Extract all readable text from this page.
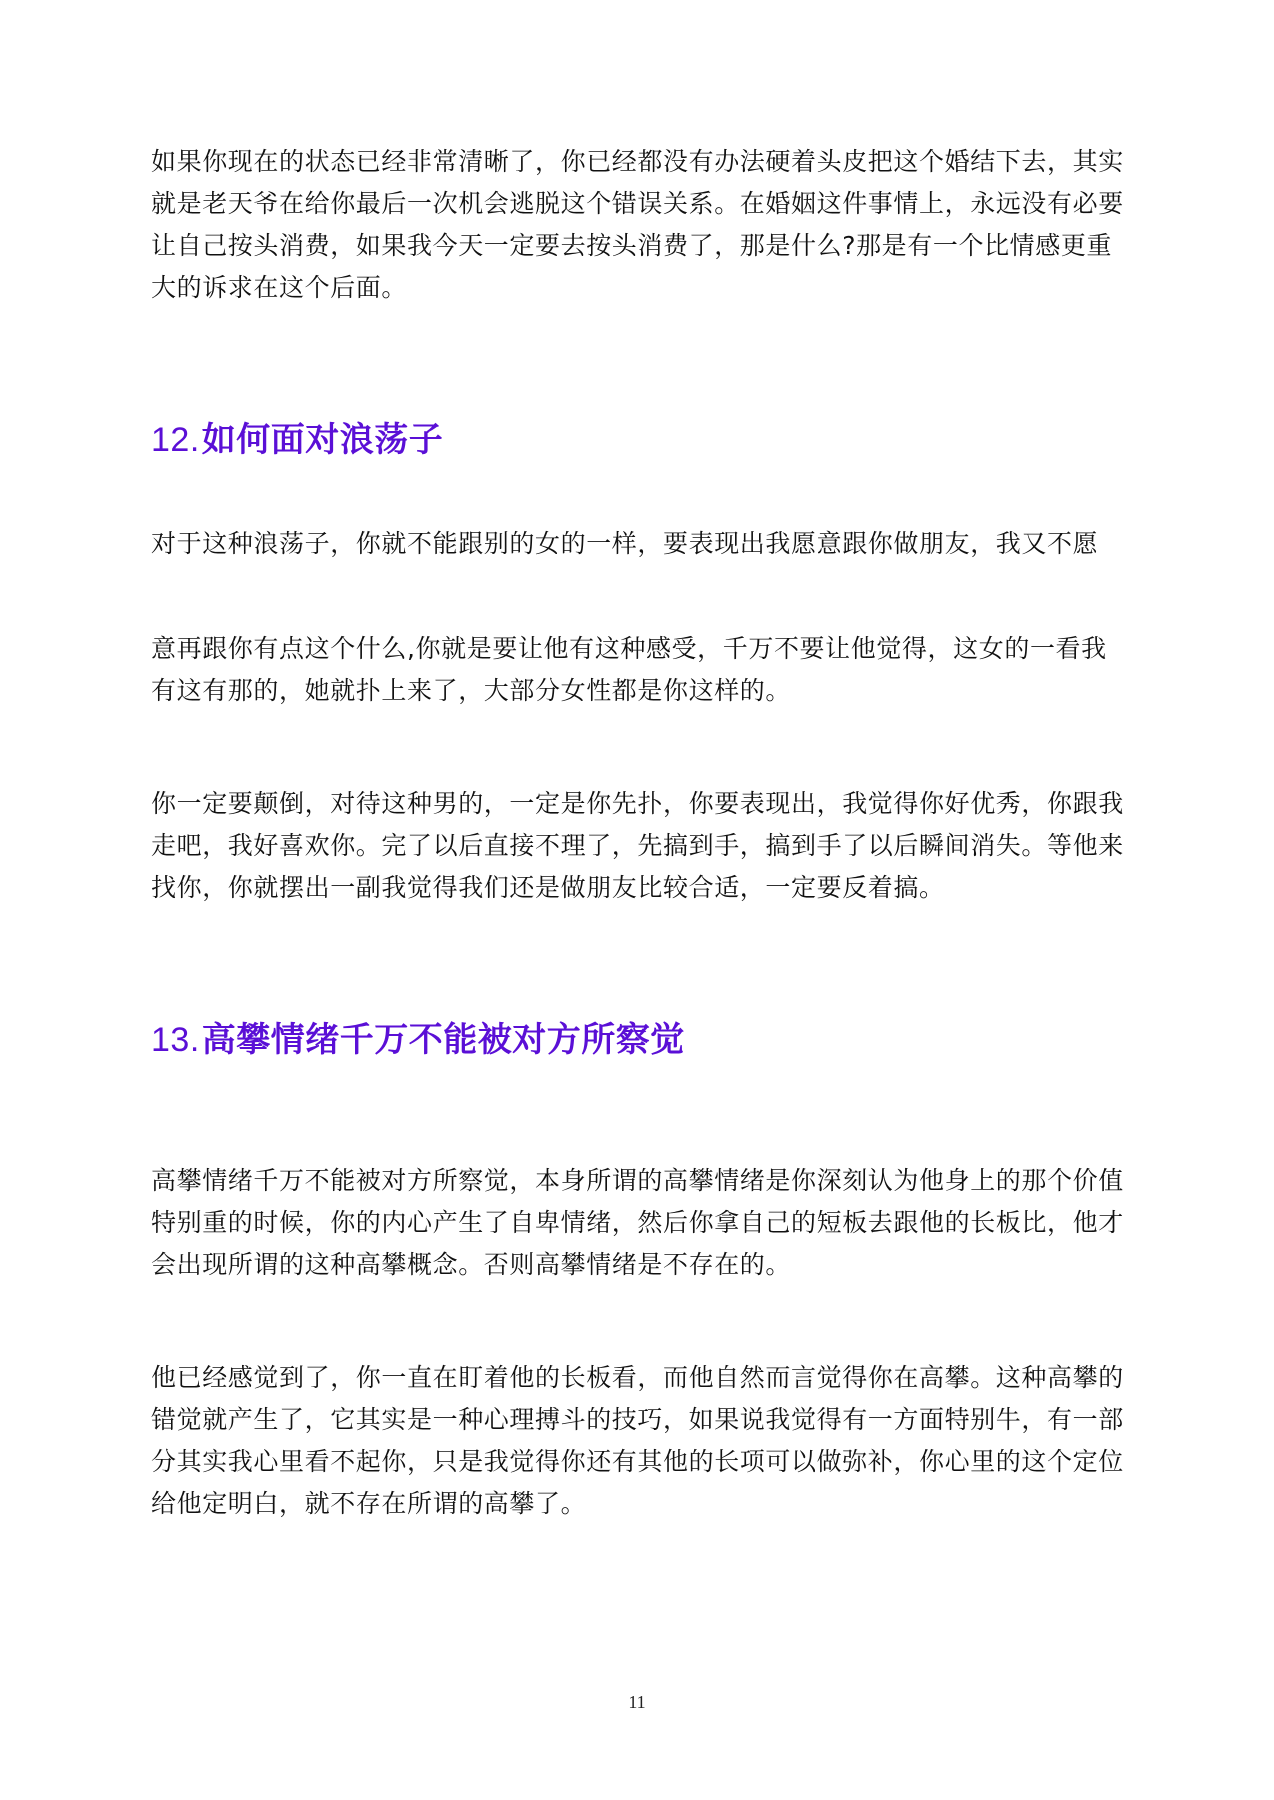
如果你现在的状态已经非常清晰了，你已经都没有办法硬着头皮把这个婚结下去，其实就是老天爷在给你最后一次机会逃脱这个错误关系。在婚姻这件事情上，永远没有必要让自己按头消费，如果我今天一定要去按头消费了，那是什么?那是有一个比情感更重大的诉求在这个后面。

12.如何面对浪荡子

对于这种浪荡子，你就不能跟别的女的一样，要表现出我愿意跟你做朋友，我又不愿

意再跟你有点这个什么,你就是要让他有这种感受，千万不要让他觉得，这女的一看我有这有那的，她就扑上来了，大部分女性都是你这样的。

你一定要颠倒，对待这种男的，一定是你先扑，你要表现出，我觉得你好优秀，你跟我走吧，我好喜欢你。完了以后直接不理了，先搞到手，搞到手了以后瞬间消失。等他来找你，你就摆出一副我觉得我们还是做朋友比较合适，一定要反着搞。

13.高攀情绪千万不能被对方所察觉

高攀情绪千万不能被对方所察觉，本身所谓的高攀情绪是你深刻认为他身上的那个价值特别重的时候，你的内心产生了自卑情绪，然后你拿自己的短板去跟他的长板比，他才会出现所谓的这种高攀概念。否则高攀情绪是不存在的。

他已经感觉到了，你一直在盯着他的长板看，而他自然而言觉得你在高攀。这种高攀的错觉就产生了，它其实是一种心理搏斗的技巧，如果说我觉得有一方面特别牛，有一部分其实我心里看不起你，只是我觉得你还有其他的长项可以做弥补，你心里的这个定位给他定明白，就不存在所谓的高攀了。

11
